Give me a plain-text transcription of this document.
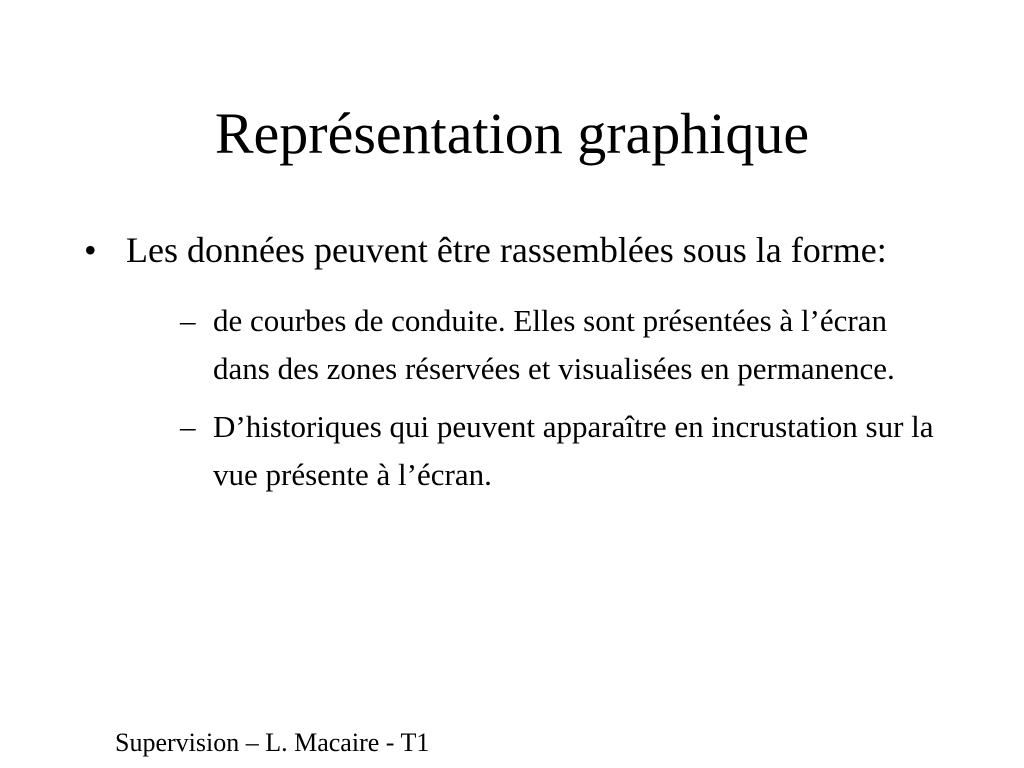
Représentation graphique
• Les données peuvent être rassemblées sous la forme:
– de courbes de conduite. Elles sont présentées à l’écran dans des zones réservées et visualisées en permanence.
– D’historiques qui peuvent apparaître en incrustation sur la vue présente à l’écran.
Supervision – L. Macaire - T1
